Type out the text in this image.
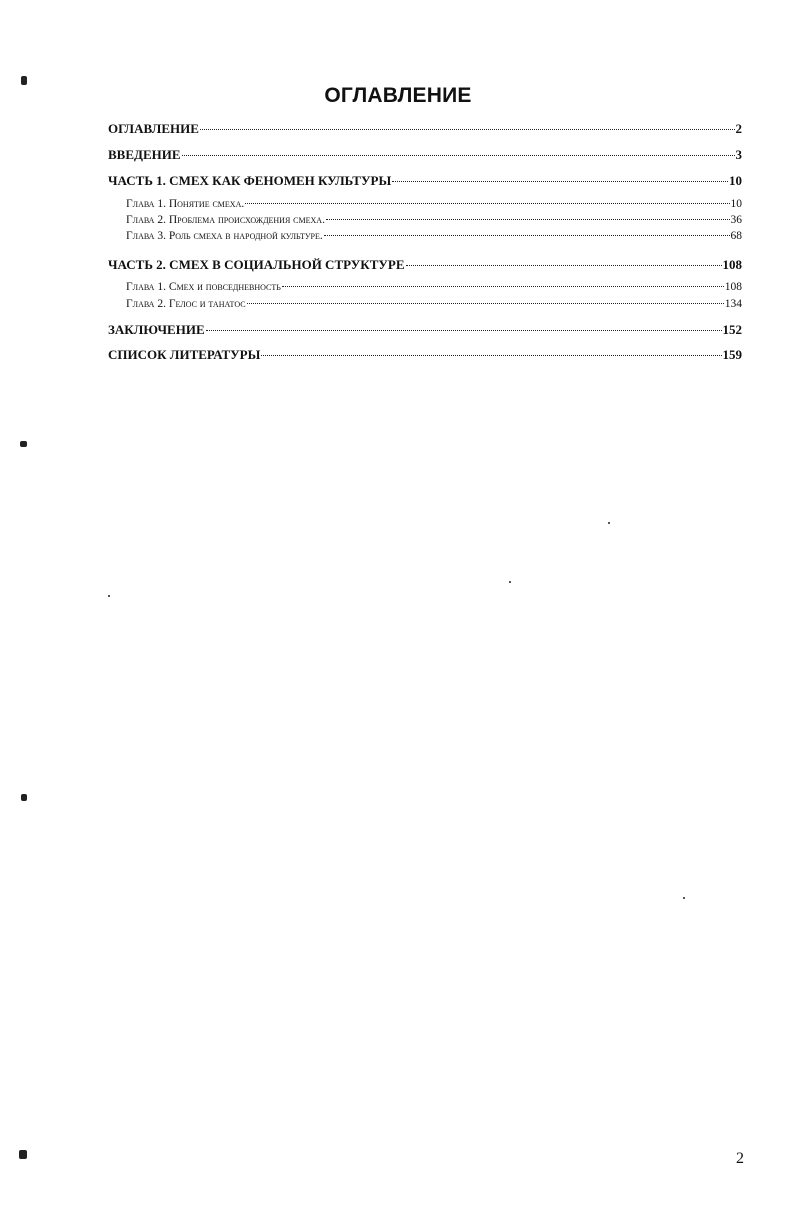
ОГЛАВЛЕНИЕ
ОГЛАВЛЕНИЕ	2
ВВЕДЕНИЕ	3
ЧАСТЬ 1. СМЕХ КАК ФЕНОМЕН КУЛЬТУРЫ	10
Глава 1. Понятие смеха.	10
Глава 2. Проблема происхождения смеха.	36
Глава 3. Роль смеха в народной культуре.	68
ЧАСТЬ 2. СМЕХ В СОЦИАЛЬНОЙ СТРУКТУРЕ	108
Глава 1. Смех и повседневность	108
Глава 2. Гелос и танатос	134
ЗАКЛЮЧЕНИЕ	152
СПИСОК ЛИТЕРАТУРЫ	159
2
